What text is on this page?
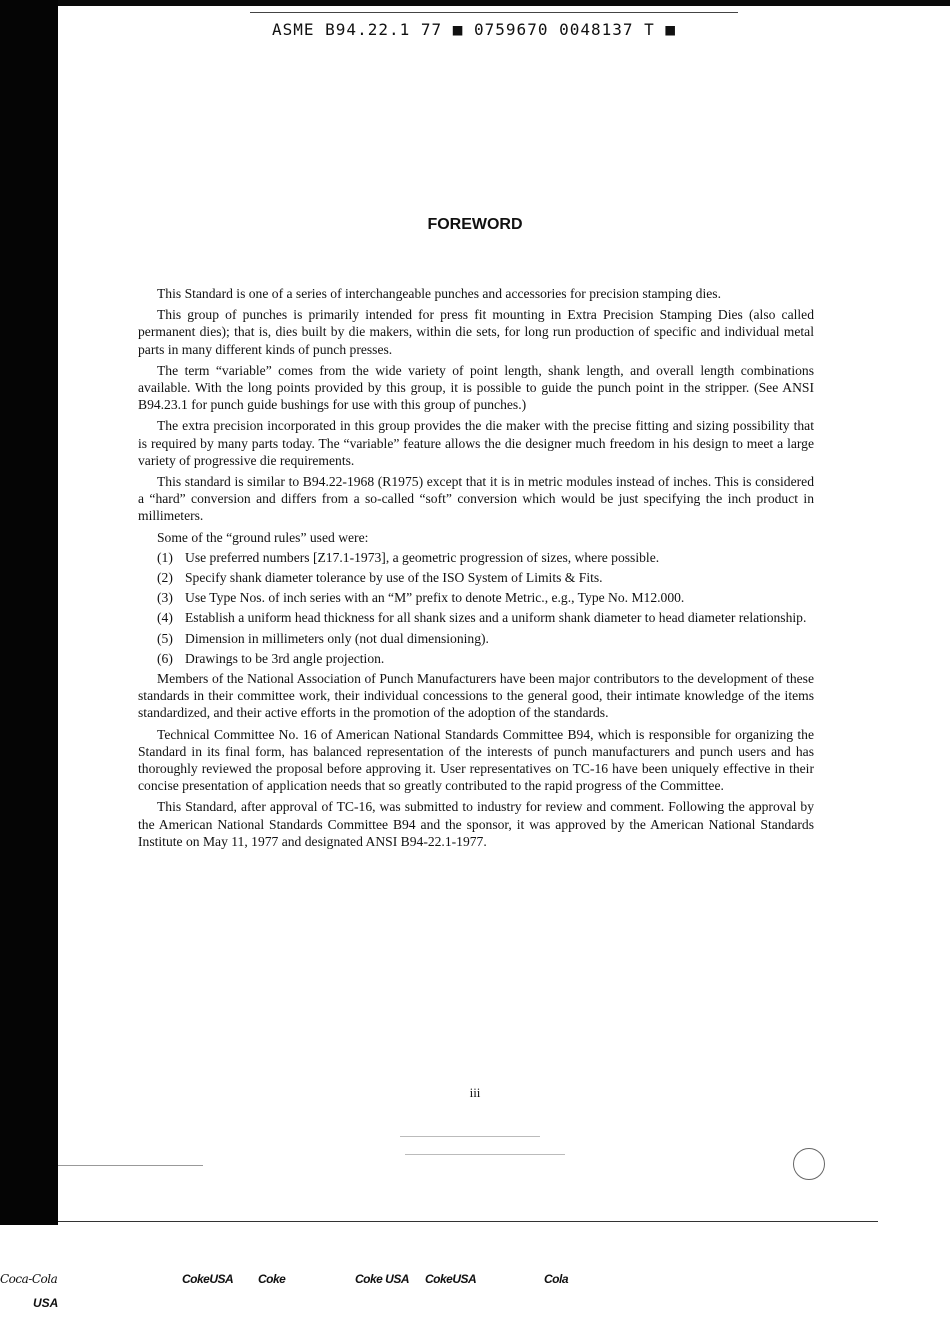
ASME B94.22.1 77 ■ 0759670 0048137 T ■
FOREWORD

This Standard is one of a series of interchangeable punches and accessories for precision stamping dies.

This group of punches is primarily intended for press fit mounting in Extra Precision Stamping Dies (also called permanent dies); that is, dies built by die makers, within die sets, for long run production of specific and individual metal parts in many different kinds of punch presses.

The term “variable” comes from the wide variety of point length, shank length, and overall length combinations available. With the long points provided by this group, it is possible to guide the punch point in the stripper. (See ANSI B94.23.1 for punch guide bushings for use with this group of punches.)

The extra precision incorporated in this group provides the die maker with the precise fitting and sizing possibility that is required by many parts today. The “variable” feature allows the die designer much freedom in his design to meet a large variety of progressive die requirements.

This standard is similar to B94.22-1968 (R1975) except that it is in metric modules instead of inches. This is considered a “hard” conversion and differs from a so-called “soft” conversion which would be just specifying the inch product in millimeters.

Some of the “ground rules” used were:
(1) Use preferred numbers [Z17.1-1973], a geometric progression of sizes, where possible.
(2) Specify shank diameter tolerance by use of the ISO System of Limits & Fits.
(3) Use Type Nos. of inch series with an “M” prefix to denote Metric., e.g., Type No. M12.000.
(4) Establish a uniform head thickness for all shank sizes and a uniform shank diameter to head diameter relationship.
(5) Dimension in millimeters only (not dual dimensioning).
(6) Drawings to be 3rd angle projection.

Members of the National Association of Punch Manufacturers have been major contributors to the development of these standards in their committee work, their individual concessions to the general good, their intimate knowledge of the items standardized, and their active efforts in the promotion of the adoption of the standards.

Technical Committee No. 16 of American National Standards Committee B94, which is responsible for organizing the Standard in its final form, has balanced representation of the interests of punch manufacturers and punch users and has thoroughly reviewed the proposal before approving it. User representatives on TC-16 have been uniquely effective in their concise presentation of application needs that so greatly contributed to the rapid progress of the Committee.

This Standard, after approval of TC-16, was submitted to industry for review and comment. Following the approval by the American National Standards Committee B94 and the sponsor, it was approved by the American National Standards Institute on May 11, 1977 and designated ANSI B94-22.1-1977.

iii
Coca-Cola	CokeUSA Coke	Coke USA CokeUSA	Cola
USA
